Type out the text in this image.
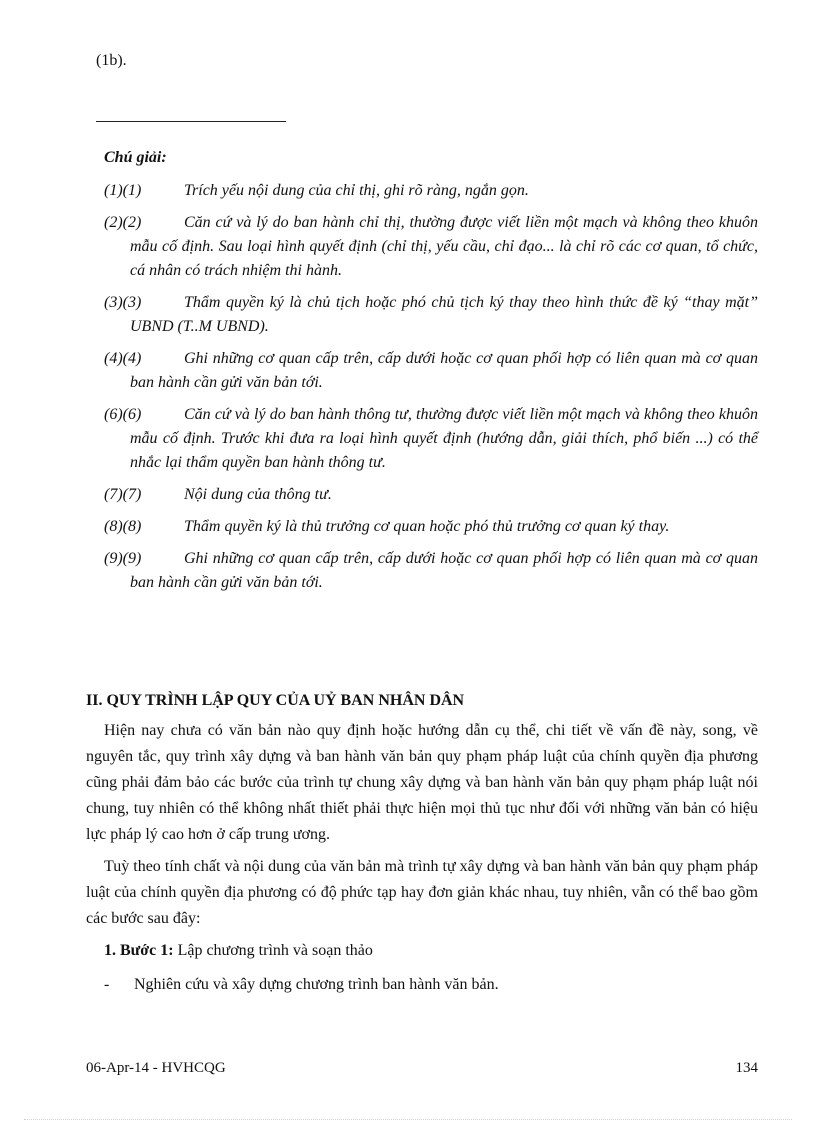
(1b).
Chú giải:
(1)(1)	Trích yếu nội dung của chỉ thị, ghi rõ ràng, ngắn gọn.
(2)(2)	Căn cứ và lý do ban hành chỉ thị, thường được viết liền một mạch và không theo khuôn mẫu cố định. Sau loại hình quyết định (chỉ thị, yếu cầu, chỉ đạo... là chỉ rõ các cơ quan, tổ chức, cá nhân có trách nhiệm thi hành.
(3)(3)	Thẩm quyền ký là chủ tịch hoặc phó chủ tịch ký thay theo hình thức đề ký “thay mặt” UBND (T..M UBND).
(4)(4)	Ghi những cơ quan cấp trên, cấp dưới hoặc cơ quan phối hợp có liên quan mà cơ quan ban hành cần gửi văn bản tới.
(6)(6)	Căn cứ và lý do ban hành thông tư, thường được viết liền một mạch và không theo khuôn mẫu cố định. Trước khi đưa ra loại hình quyết định (hướng dẫn, giải thích, phổ biến ...) có thể nhắc lại thẩm quyền ban hành thông tư.
(7)(7)	Nội dung của thông tư.
(8)(8)	Thẩm quyền ký là thủ trưởng cơ quan hoặc phó thủ trưởng cơ quan ký thay.
(9)(9)	Ghi những cơ quan cấp trên, cấp dưới hoặc cơ quan phối hợp có liên quan mà cơ quan ban hành cần gửi văn bản tới.
II. QUY TRÌNH LẬP QUY CỦA UỶ BAN NHÂN DÂN

Hiện nay chưa có văn bản nào quy định hoặc hướng dẫn cụ thể, chi tiết về vấn đề này, song, về nguyên tắc, quy trình xây dựng và ban hành văn bản quy phạm pháp luật của chính quyền địa phương cũng phải đảm bảo các bước của trình tự chung xây dựng và ban hành văn bản quy phạm pháp luật nói chung, tuy nhiên có thể không nhất thiết phải thực hiện mọi thủ tục như đối với những văn bản có hiệu lực pháp lý cao hơn ở cấp trung ương.

Tuỳ theo tính chất và nội dung của văn bản mà trình tự xây dựng và ban hành văn bản quy phạm pháp luật của chính quyền địa phương có độ phức tạp hay đơn giản khác nhau, tuy nhiên, vẫn có thể bao gồm các bước sau đây:

1. Bước 1: Lập chương trình và soạn thảo
- Nghiên cứu và xây dựng chương trình ban hành văn bản.
06-Apr-14 - HVHCQG	134
